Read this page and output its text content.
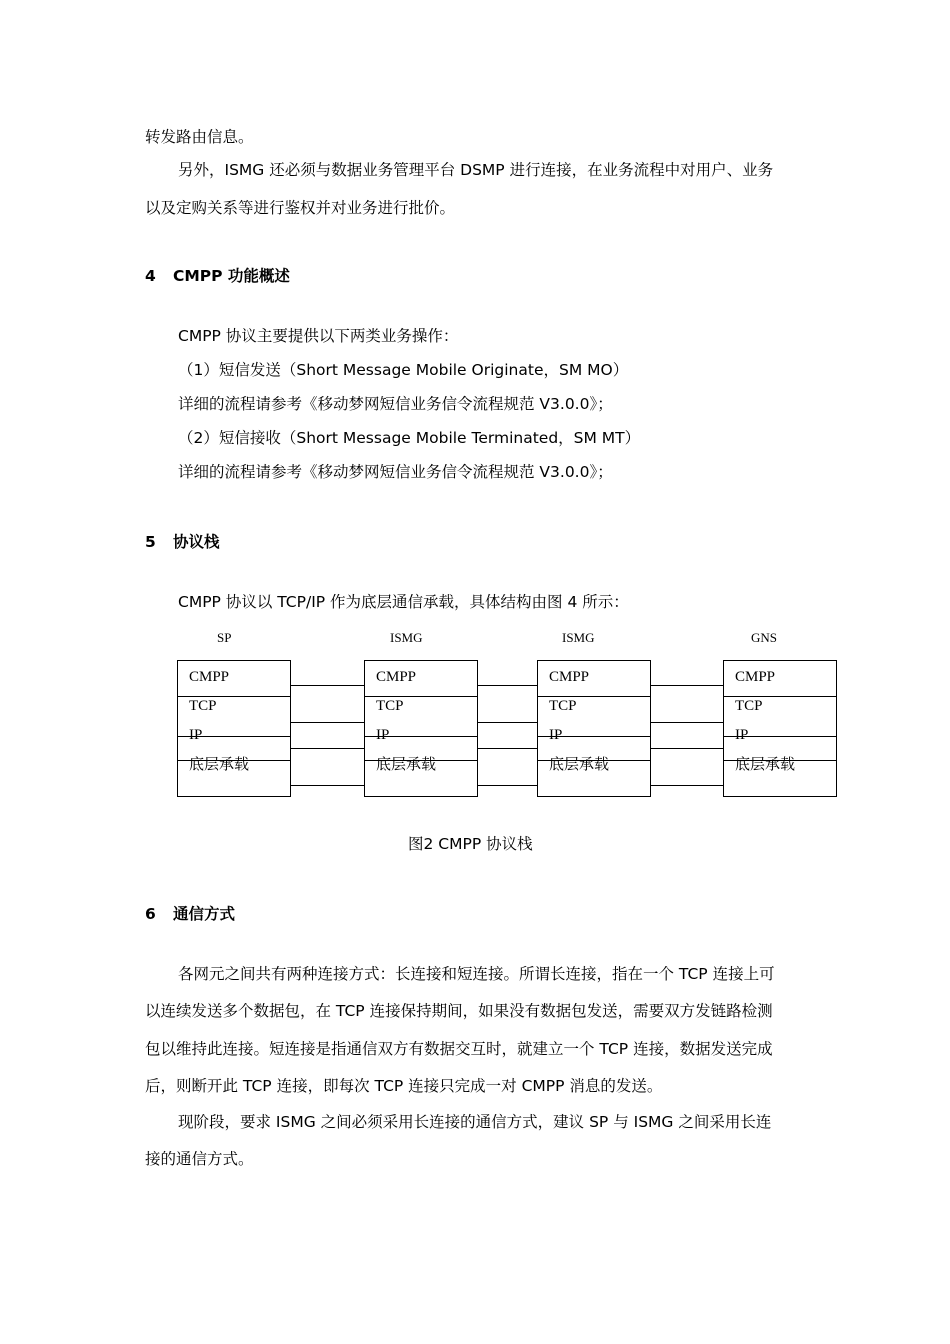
转发路由信息。
另外，ISMG 还必须与数据业务管理平台 DSMP 进行连接，在业务流程中对用户、业务
以及定购关系等进行鉴权并对业务进行批价。
4 CMPP 功能概述
CMPP 协议主要提供以下两类业务操作：
（1）短信发送（Short Message Mobile Originate，SM MO）
详细的流程请参考《移动梦网短信业务信令流程规范 V3.0.0》；
（2）短信接收（Short Message Mobile Terminated，SM MT）
详细的流程请参考《移动梦网短信业务信令流程规范 V3.0.0》；
5 协议栈
CMPP 协议以 TCP/IP 作为底层通信承载，具体结构由图 4 所示：
SP	ISMG	ISMG	GNS
CMPP
TCP
IP
底层承载
CMPP
TCP
IP
底层承载
CMPP
TCP
IP
底层承载
CMPP
TCP
IP
底层承载
图2 CMPP 协议栈
6 通信方式
各网元之间共有两种连接方式：长连接和短连接。所谓长连接，指在一个 TCP 连接上可
以连续发送多个数据包，在 TCP 连接保持期间，如果没有数据包发送，需要双方发链路检测
包以维持此连接。短连接是指通信双方有数据交互时，就建立一个 TCP 连接，数据发送完成
后，则断开此 TCP 连接，即每次 TCP 连接只完成一对 CMPP 消息的发送。
现阶段，要求 ISMG 之间必须采用长连接的通信方式，建议 SP 与 ISMG 之间采用长连
接的通信方式。
